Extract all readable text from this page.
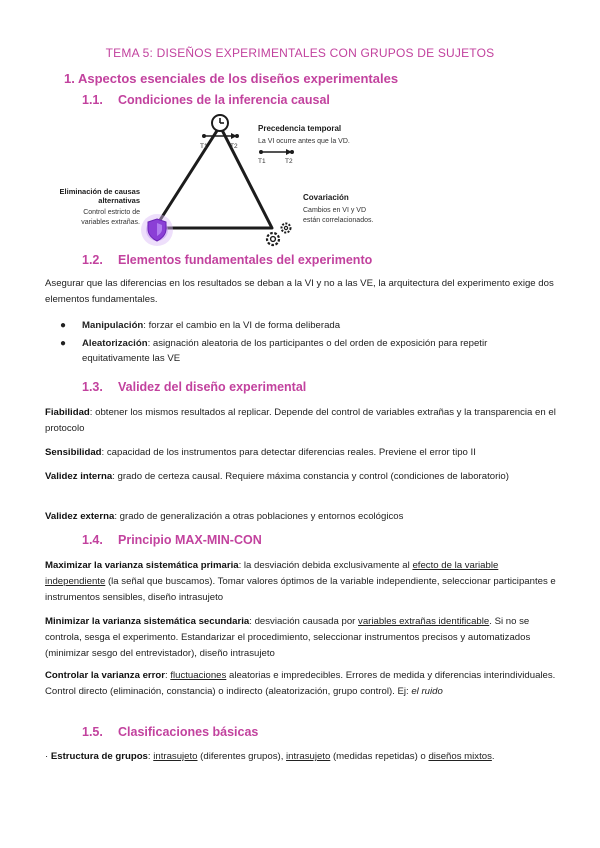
TEMA 5: DISEÑOS EXPERIMENTALES CON GRUPOS DE SUJETOS
1. Aspectos esenciales de los diseños experimentales
1.1. Condiciones de la inferencia causal
T1	T2
Precedencia temporal
La VI ocurre antes que la VD.
T1	T2
Covariación
Cambios en VI y VD
están correlacionados.
Eliminación de causas
alternativas
Control estricto de
variables extrañas.
1.2. Elementos fundamentales del experimento
Asegurar que las diferencias en los resultados se deban a la VI y no a las VE, la arquitectura del experimento exige dos elementos fundamentales.
● Manipulación: forzar el cambio en la VI de forma deliberada
● Aleatorización: asignación aleatoria de los participantes o del orden de exposición para repetir equitativamente las VE
1.3. Validez del diseño experimental
Fiabilidad: obtener los mismos resultados al replicar. Depende del control de variables extrañas y la transparencia en el protocolo
Sensibilidad: capacidad de los instrumentos para detectar diferencias reales. Previene el error tipo II
Validez interna: grado de certeza causal. Requiere máxima constancia y control (condiciones de laboratorio)
Validez externa: grado de generalización a otras poblaciones y entornos ecológicos
1.4. Principio MAX-MIN-CON
Maximizar la varianza sistemática primaria: la desviación debida exclusivamente al efecto de la variable independiente (la señal que buscamos). Tomar valores óptimos de la variable independiente, seleccionar participantes e instrumentos sensibles, diseño intrasujeto
Minimizar la varianza sistemática secundaria: desviación causada por variables extrañas identificable. Si no se controla, sesga el experimento. Estandarizar el procedimiento, seleccionar instrumentos precisos y automatizados (minimizar sesgo del entrevistador), diseño intrasujeto
Controlar la varianza error: fluctuaciones aleatorias e impredecibles. Errores de medida y diferencias interindividuales. Control directo (eliminación, constancia) o indirecto (aleatorización, grupo control). Ej: el ruido
1.5. Clasificaciones básicas
· Estructura de grupos: intrasujeto (diferentes grupos), intrasujeto (medidas repetidas) o diseños mixtos.
